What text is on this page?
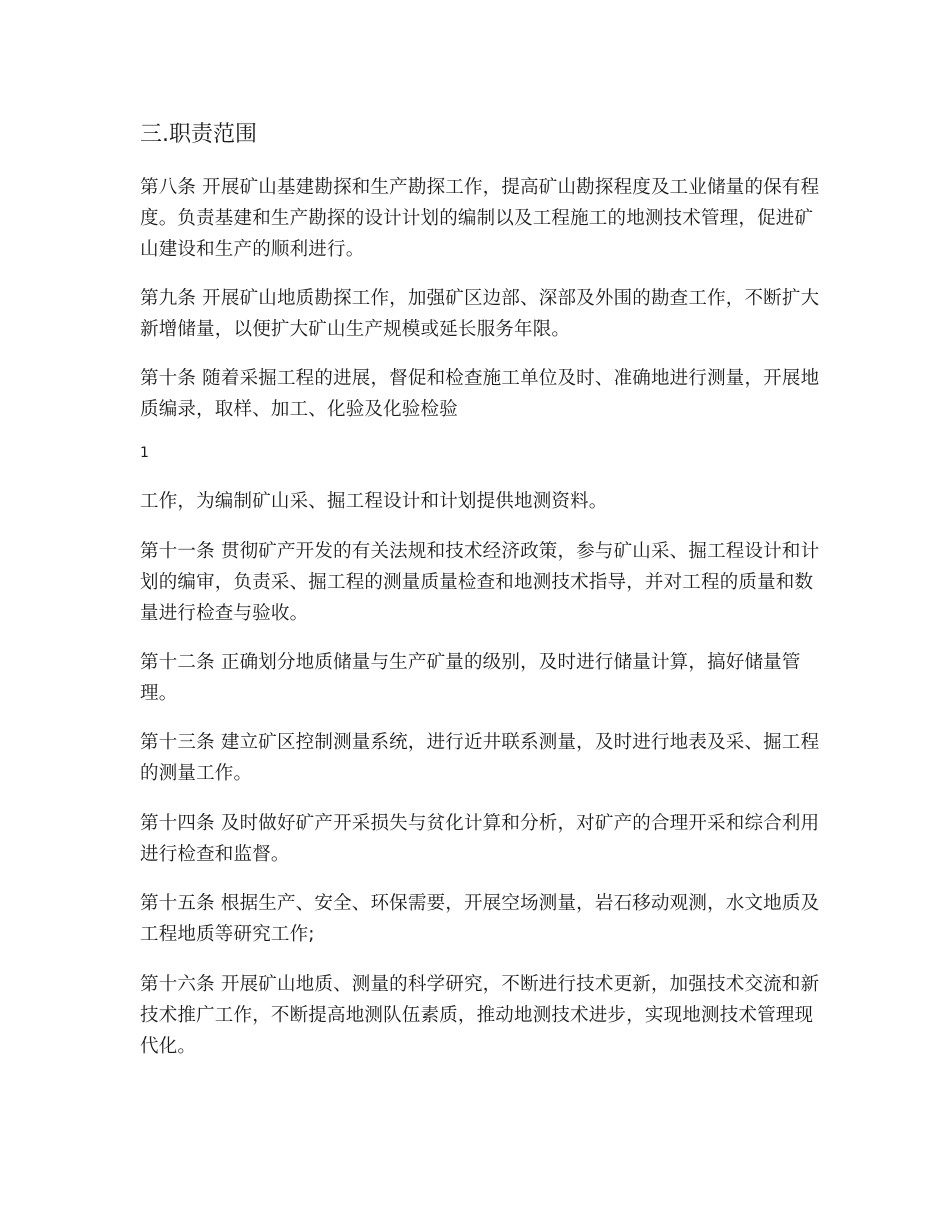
三.职责范围

第八条 开展矿山基建勘探和生产勘探工作，提高矿山勘探程度及工业储量的保有程度。负责基建和生产勘探的设计计划的编制以及工程施工的地测技术管理，促进矿山建设和生产的顺利进行。

第九条 开展矿山地质勘探工作，加强矿区边部、深部及外围的勘查工作，不断扩大新增储量，以便扩大矿山生产规模或延长服务年限。

第十条 随着采掘工程的进展，督促和检查施工单位及时、准确地进行测量，开展地质编录，取样、加工、化验及化验检验

1

工作，为编制矿山采、掘工程设计和计划提供地测资料。

第十一条 贯彻矿产开发的有关法规和技术经济政策，参与矿山采、掘工程设计和计划的编审，负责采、掘工程的测量质量检查和地测技术指导，并对工程的质量和数量进行检查与验收。

第十二条 正确划分地质储量与生产矿量的级别，及时进行储量计算，搞好储量管理。

第十三条 建立矿区控制测量系统，进行近井联系测量，及时进行地表及采、掘工程的测量工作。

第十四条 及时做好矿产开采损失与贫化计算和分析，对矿产的合理开采和综合利用进行检查和监督。

第十五条 根据生产、安全、环保需要，开展空场测量，岩石移动观测，水文地质及工程地质等研究工作;

第十六条 开展矿山地质、测量的科学研究，不断进行技术更新，加强技术交流和新技术推广工作，不断提高地测队伍素质，推动地测技术进步，实现地测技术管理现代化。
